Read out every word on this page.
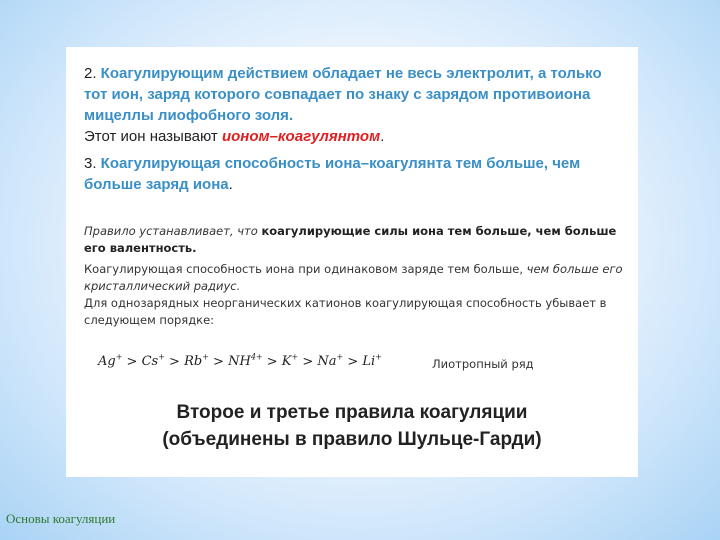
2. Коагулирующим действием обладает не весь электролит, а только тот ион, заряд которого совпадает по знаку с зарядом противоиона мицеллы лиофобного золя.
Этот ион называют ионом–коагулянтом.

3. Коагулирующая способность иона–коагулянта тем больше, чем больше заряд иона.

Правило устанавливает, что коагулирующие силы иона тем больше, чем больше его валентность.

Коагулирующая способность иона при одинаковом заряде тем больше, чем больше его кристаллический радиус.

Для однозарядных неорганических катионов коагулирующая способность убывает в следующем порядке:

$Ag^+ > Cs^+ > Rb^+ > NH^{4+} > K^+ > Na^+ > Li^+$	Лиотропный ряд
Второе и третье правила коагуляции
(объединены в правило Шульце-Гарди)
Основы коагуляции
